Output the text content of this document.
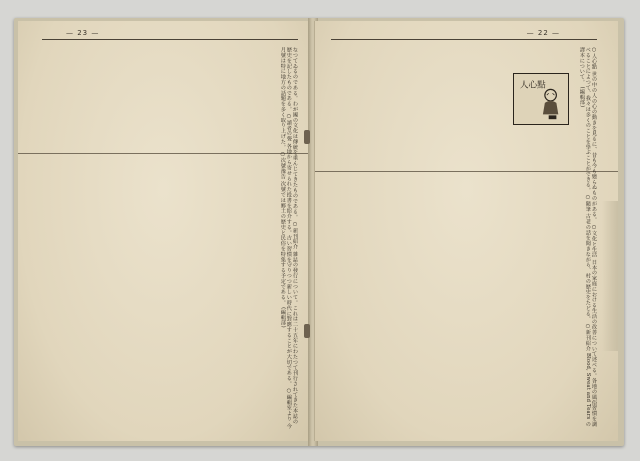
— 23 —
なつてゐるのである。わが國の文化は傳統を重んじてきたものである。 ○新刊紹介 雜誌の發行について。これは二十五年にわたつて刊行されてきた本誌の歴史を記したものである。 ○讀者の聲 各地から寄せられた投書を紹介する。古い習慣を守りつつ新しい時代に對應することが大切である。 ○編輯室より 今月號は特に地方の話題を多く取り上げた。 ○次號豫告 次號では郷土の歴史と民俗を特集する予定である。 (編輯部)
— 22 —
人心點	○人心點 世の中の人の心の動きを見るに、昔も今も變らぬものがある。 ○文化と生活 日本の家庭における生活の改善について述べる。各地の風俗習慣を調べることによつて、我々は多くのことを學ぶことができる。 ○隨筆 古老の話を聞きながら、村の歴史をたどる。 ○新刊紹介 Blood, Sweat and Tears の譯本について。 (編輯部)
